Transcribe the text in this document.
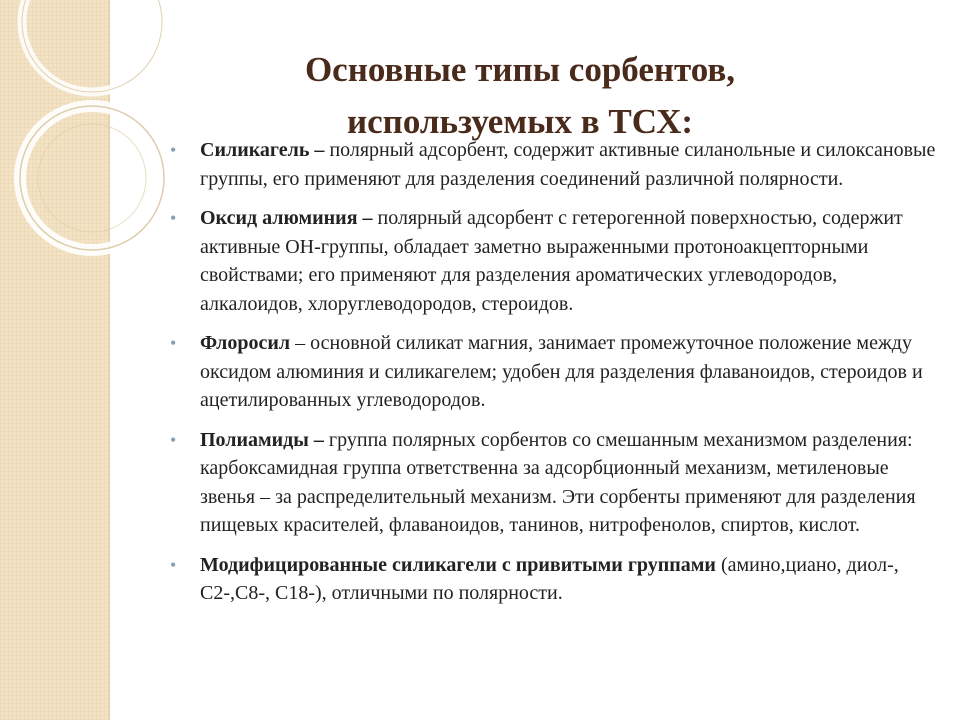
Основные типы сорбентов,
используемых в ТСХ:
• Силикагель – полярный адсорбент, содержит активные силанольные и силоксановые группы, его применяют для разделения соединений различной полярности.
• Оксид алюминия – полярный адсорбент с гетерогенной поверхностью, содержит активные ОН-группы, обладает заметно выраженными протоноакцепторными свойствами; его применяют для разделения ароматических углеводородов, алкалоидов, хлоруглеводородов, стероидов.
• Флоросил – основной силикат магния, занимает промежуточное положение между оксидом алюминия и силикагелем; удобен для разделения флаваноидов, стероидов и ацетилированных углеводородов.
• Полиамиды – группа полярных сорбентов со смешанным механизмом разделения: карбоксамидная группа ответственна за адсорбционный механизм, метиленовые звенья – за распределительный механизм. Эти сорбенты применяют для разделения пищевых красителей, флаваноидов, танинов, нитрофенолов, спиртов, кислот.
• Модифицированные силикагели с привитыми группами (амино,циано, диол-, С2-,С8-, С18-), отличными по полярности.
